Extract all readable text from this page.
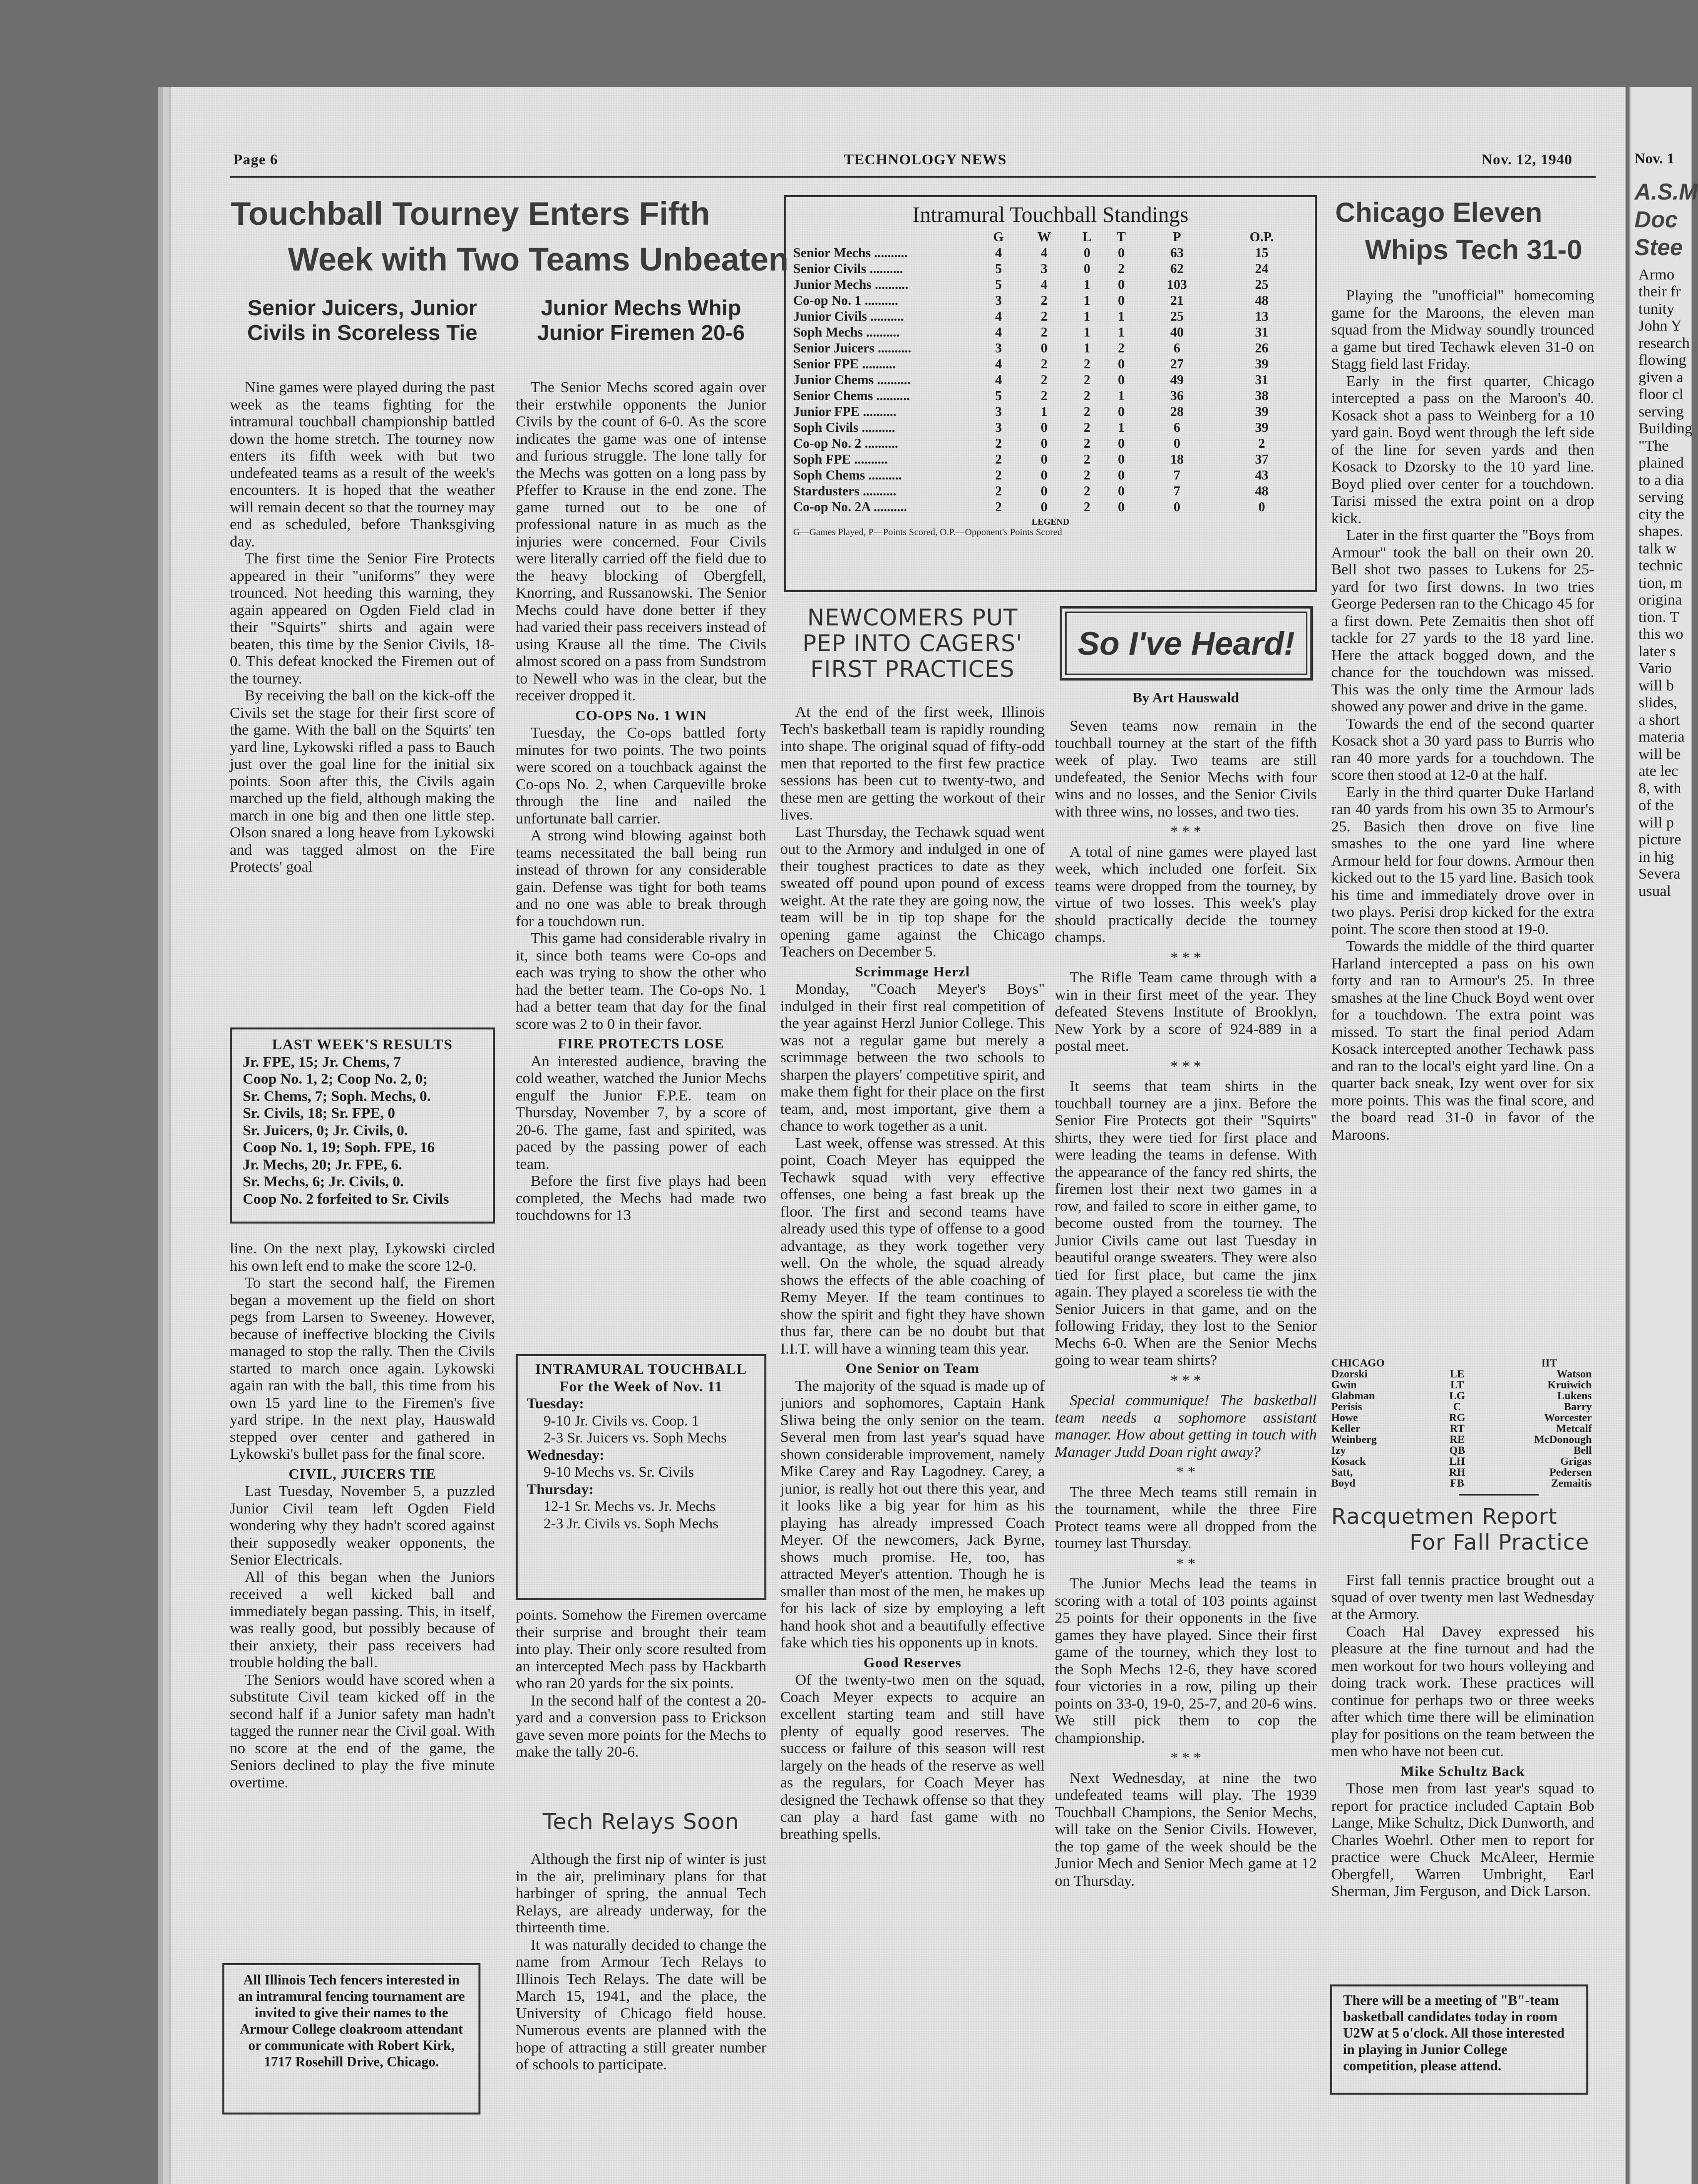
Page 6	TECHNOLOGY NEWS	Nov. 12, 1940
Touchball Tourney Enters Fifth
Week with Two Teams Unbeaten
Senior Juicers, Junior
Civils in Scoreless Tie

Nine games were played during the past week as the teams fighting for the intramural touchball championship battled down the home stretch. The tourney now enters its fifth week with but two undefeated teams as a result of the week's encounters. It is hoped that the weather will remain decent so that the tourney may end as scheduled, before Thanksgiving day.

The first time the Senior Fire Protects appeared in their "uniforms" they were trounced. Not heeding this warning, they again appeared on Ogden Field clad in their "Squirts" shirts and again were beaten, this time by the Senior Civils, 18-0. This defeat knocked the Firemen out of the tourney.

By receiving the ball on the kick-off the Civils set the stage for their first score of the game. With the ball on the Squirts' ten yard line, Lykowski rifled a pass to Bauch just over the goal line for the initial six points. Soon after this, the Civils again marched up the field, although making the march in one big and then one little step. Olson snared a long heave from Lykowski and was tagged almost on the Fire Protects' goal

LAST WEEK'S RESULTS
Jr. FPE, 15; Jr. Chems, 7
Coop No. 1, 2; Coop No. 2, 0;
Sr. Chems, 7; Soph. Mechs, 0.
Sr. Civils, 18; Sr. FPE, 0
Sr. Juicers, 0; Jr. Civils, 0.
Coop No. 1, 19; Soph. FPE, 16
Jr. Mechs, 20; Jr. FPE, 6.
Sr. Mechs, 6; Jr. Civils, 0.
Coop No. 2 forfeited to Sr. Civils

line. On the next play, Lykowski circled his own left end to make the score 12-0.

To start the second half, the Firemen began a movement up the field on short pegs from Larsen to Sweeney. However, because of ineffective blocking the Civils managed to stop the rally. Then the Civils started to march once again. Lykowski again ran with the ball, this time from his own 15 yard line to the Firemen's five yard stripe. In the next play, Hauswald stepped over center and gathered in Lykowski's bullet pass for the final score.

CIVIL, JUICERS TIE

Last Tuesday, November 5, a puzzled Junior Civil team left Ogden Field wondering why they hadn't scored against their supposedly weaker opponents, the Senior Electricals.

All of this began when the Juniors received a well kicked ball and immediately began passing. This, in itself, was really good, but possibly because of their anxiety, their pass receivers had trouble holding the ball.

The Seniors would have scored when a substitute Civil team kicked off in the second half if a Junior safety man hadn't tagged the runner near the Civil goal. With no score at the end of the game, the Seniors declined to play the five minute overtime.

All Illinois Tech fencers interested in an intramural fencing tournament are invited to give their names to the Armour College cloakroom attendant or communicate with Robert Kirk, 1717 Rosehill Drive, Chicago.
Junior Mechs Whip
Junior Firemen 20-6

The Senior Mechs scored again over their erstwhile opponents the Junior Civils by the count of 6-0. As the score indicates the game was one of intense and furious struggle. The lone tally for the Mechs was gotten on a long pass by Pfeffer to Krause in the end zone. The game turned out to be one of professional nature in as much as the injuries were concerned. Four Civils were literally carried off the field due to the heavy blocking of Obergfell, Knorring, and Russanowski. The Senior Mechs could have done better if they had varied their pass receivers instead of using Krause all the time. The Civils almost scored on a pass from Sundstrom to Newell who was in the clear, but the receiver dropped it.

CO-OPS No. 1 WIN

Tuesday, the Co-ops battled forty minutes for two points. The two points were scored on a touchback against the Co-ops No. 2, when Carqueville broke through the line and nailed the unfortunate ball carrier.

A strong wind blowing against both teams necessitated the ball being run instead of thrown for any considerable gain. Defense was tight for both teams and no one was able to break through for a touchdown run.

This game had considerable rivalry in it, since both teams were Co-ops and each was trying to show the other who had the better team. The Co-ops No. 1 had a better team that day for the final score was 2 to 0 in their favor.

FIRE PROTECTS LOSE

An interested audience, braving the cold weather, watched the Junior Mechs engulf the Junior F.P.E. team on Thursday, November 7, by a score of 20-6. The game, fast and spirited, was paced by the passing power of each team.

Before the first five plays had been completed, the Mechs had made two touchdowns for 13

INTRAMURAL TOUCHBALL
For the Week of Nov. 11
Tuesday:
9-10 Jr. Civils vs. Coop. 1
2-3 Sr. Juicers vs. Soph Mechs
Wednesday:
9-10 Mechs vs. Sr. Civils
Thursday:
12-1 Sr. Mechs vs. Jr. Mechs
2-3 Jr. Civils vs. Soph Mechs

points. Somehow the Firemen overcame their surprise and brought their team into play. Their only score resulted from an intercepted Mech pass by Hackbarth who ran 20 yards for the six points.

In the second half of the contest a 20-yard and a conversion pass to Erickson gave seven more points for the Mechs to make the tally 20-6.

Tech Relays Soon

Although the first nip of winter is just in the air, preliminary plans for that harbinger of spring, the annual Tech Relays, are already underway, for the thirteenth time.

It was naturally decided to change the name from Armour Tech Relays to Illinois Tech Relays. The date will be March 15, 1941, and the place, the University of Chicago field house. Numerous events are planned with the hope of attracting a still greater number of schools to participate.

Intramural Touchball Standings
	G	W	L	T	P	O.P.
Senior Mechs ..........	4	4	0	0	63	15
Senior Civils ..........	5	3	0	2	62	24
Junior Mechs ..........	5	4	1	0	103	25
Co-op No. 1 ..........	3	2	1	0	21	48
Junior Civils ..........	4	2	1	1	25	13
Soph Mechs ..........	4	2	1	1	40	31
Senior Juicers ..........	3	0	1	2	6	26
Senior FPE ..........	4	2	2	0	27	39
Junior Chems ..........	4	2	2	0	49	31
Senior Chems ..........	5	2	2	1	36	38
Junior FPE ..........	3	1	2	0	28	39
Soph Civils ..........	3	0	2	1	6	39
Co-op No. 2 ..........	2	0	2	0	0	2
Soph FPE ..........	2	0	2	0	18	37
Soph Chems ..........	2	0	2	0	7	43
Stardusters ..........	2	0	2	0	7	48
Co-op No. 2A ..........	2	0	2	0	0	0
LEGEND
G—Games Played, P—Points Scored, O.P.—Opponent's Points Scored
NEWCOMERS PUT
PEP INTO CAGERS'
FIRST PRACTICES

At the end of the first week, Illinois Tech's basketball team is rapidly rounding into shape. The original squad of fifty-odd men that reported to the first few practice sessions has been cut to twenty-two, and these men are getting the workout of their lives.

Last Thursday, the Techawk squad went out to the Armory and indulged in one of their toughest practices to date as they sweated off pound upon pound of excess weight. At the rate they are going now, the team will be in tip top shape for the opening game against the Chicago Teachers on December 5.

Scrimmage Herzl

Monday, "Coach Meyer's Boys" indulged in their first real competition of the year against Herzl Junior College. This was not a regular game but merely a scrimmage between the two schools to sharpen the players' competitive spirit, and make them fight for their place on the first team, and, most important, give them a chance to work together as a unit.

Last week, offense was stressed. At this point, Coach Meyer has equipped the Techawk squad with very effective offenses, one being a fast break up the floor. The first and second teams have already used this type of offense to a good advantage, as they work together very well. On the whole, the squad already shows the effects of the able coaching of Remy Meyer. If the team continues to show the spirit and fight they have shown thus far, there can be no doubt but that I.I.T. will have a winning team this year.

One Senior on Team

The majority of the squad is made up of juniors and sophomores, Captain Hank Sliwa being the only senior on the team. Several men from last year's squad have shown considerable improvement, namely Mike Carey and Ray Lagodney. Carey, a junior, is really hot out there this year, and it looks like a big year for him as his playing has already impressed Coach Meyer. Of the newcomers, Jack Byrne, shows much promise. He, too, has attracted Meyer's attention. Though he is smaller than most of the men, he makes up for his lack of size by employing a left hand hook shot and a beautifully effective fake which ties his opponents up in knots.

Good Reserves

Of the twenty-two men on the squad, Coach Meyer expects to acquire an excellent starting team and still have plenty of equally good reserves. The success or failure of this season will rest largely on the heads of the reserve as well as the regulars, for Coach Meyer has designed the Techawk offense so that they can play a hard fast game with no breathing spells.

So I've Heard!
By Art Hauswald

Seven teams now remain in the touchball tourney at the start of the fifth week of play. Two teams are still undefeated, the Senior Mechs with four wins and no losses, and the Senior Civils with three wins, no losses, and two ties.

* * *

A total of nine games were played last week, which included one forfeit. Six teams were dropped from the tourney, by virtue of two losses. This week's play should practically decide the tourney champs.

* * *

The Rifle Team came through with a win in their first meet of the year. They defeated Stevens Institute of Brooklyn, New York by a score of 924-889 in a postal meet.

* * *

It seems that team shirts in the touchball tourney are a jinx. Before the Senior Fire Protects got their "Squirts" shirts, they were tied for first place and were leading the teams in defense. With the appearance of the fancy red shirts, the firemen lost their next two games in a row, and failed to score in either game, to become ousted from the tourney. The Junior Civils came out last Tuesday in beautiful orange sweaters. They were also tied for first place, but came the jinx again. They played a scoreless tie with the Senior Juicers in that game, and on the following Friday, they lost to the Senior Mechs 6-0. When are the Senior Mechs going to wear team shirts?

* * *

Special communique! The basketball team needs a sophomore assistant manager. How about getting in touch with Manager Judd Doan right away?

* *

The three Mech teams still remain in the tournament, while the three Fire Protect teams were all dropped from the tourney last Thursday.

* *

The Junior Mechs lead the teams in scoring with a total of 103 points against 25 points for their opponents in the five games they have played. Since their first game of the tourney, which they lost to the Soph Mechs 12-6, they have scored four victories in a row, piling up their points on 33-0, 19-0, 25-7, and 20-6 wins. We still pick them to cop the championship.

* * *

Next Wednesday, at nine the two undefeated teams will play. The 1939 Touchball Champions, the Senior Mechs, will take on the Senior Civils. However, the top game of the week should be the Junior Mech and Senior Mech game at 12 on Thursday.

Chicago Eleven
Whips Tech 31-0

Playing the "unofficial" homecoming game for the Maroons, the eleven man squad from the Midway soundly trounced a game but tired Techawk eleven 31-0 on Stagg field last Friday.

Early in the first quarter, Chicago intercepted a pass on the Maroon's 40. Kosack shot a pass to Weinberg for a 10 yard gain. Boyd went through the left side of the line for seven yards and then Kosack to Dzorsky to the 10 yard line. Boyd plied over center for a touchdown. Tarisi missed the extra point on a drop kick.

Later in the first quarter the "Boys from Armour" took the ball on their own 20. Bell shot two passes to Lukens for 25-yard for two first downs. In two tries George Pedersen ran to the Chicago 45 for a first down. Pete Zemaitis then shot off tackle for 27 yards to the 18 yard line. Here the attack bogged down, and the chance for the touchdown was missed. This was the only time the Armour lads showed any power and drive in the game.

Towards the end of the second quarter Kosack shot a 30 yard pass to Burris who ran 40 more yards for a touchdown. The score then stood at 12-0 at the half.

Early in the third quarter Duke Harland ran 40 yards from his own 35 to Armour's 25. Basich then drove on five line smashes to the one yard line where Armour held for four downs. Armour then kicked out to the 15 yard line. Basich took his time and immediately drove over in two plays. Perisi drop kicked for the extra point. The score then stood at 19-0.

Towards the middle of the third quarter Harland intercepted a pass on his own forty and ran to Armour's 25. In three smashes at the line Chuck Boyd went over for a touchdown. The extra point was missed. To start the final period Adam Kosack intercepted another Techawk pass and ran to the local's eight yard line. On a quarter back sneak, Izy went over for six more points. This was the final score, and the board read 31-0 in favor of the Maroons.

CHICAGO		IIT
Dzorski	LE	Watson
Gwin	LT	Kruiwich
Glabman	LG	Lukens
Perisis	C	Barry
Howe	RG	Worcester
Keller	RT	Metcalf
Weinberg	RE	McDonough
Izy	QB	Bell
Kosack	LH	Grigas
Satt,	RH	Pedersen
Boyd	FB	Zemaitis
Racquetmen Report
For Fall Practice

First fall tennis practice brought out a squad of over twenty men last Wednesday at the Armory.

Coach Hal Davey expressed his pleasure at the fine turnout and had the men workout for two hours volleying and doing track work. These practices will continue for perhaps two or three weeks after which time there will be elimination play for positions on the team between the men who have not been cut.

Mike Schultz Back

Those men from last year's squad to report for practice included Captain Bob Lange, Mike Schultz, Dick Dunworth, and Charles Woehrl. Other men to report for practice were Chuck McAleer, Hermie Obergfell, Warren Umbright, Earl Sherman, Jim Ferguson, and Dick Larson.

There will be a meeting of "B"-team basketball candidates today in room U2W at 5 o'clock. All those interested in playing in Junior College competition, please attend.
Nov. 1
A.S.M
Doc
Stee
Armo
their fr
tunity
John Y
research
flowing
given a
floor cl
serving
Building
"The
plained
to a dia
serving
city the
shapes.
talk w
technic
tion, m
origina
tion. T
this wo
later s
Vario
will b
slides,
a short
materia
will be
ate lec
8, with
of the
will p
picture
in hig
Severa
usual
